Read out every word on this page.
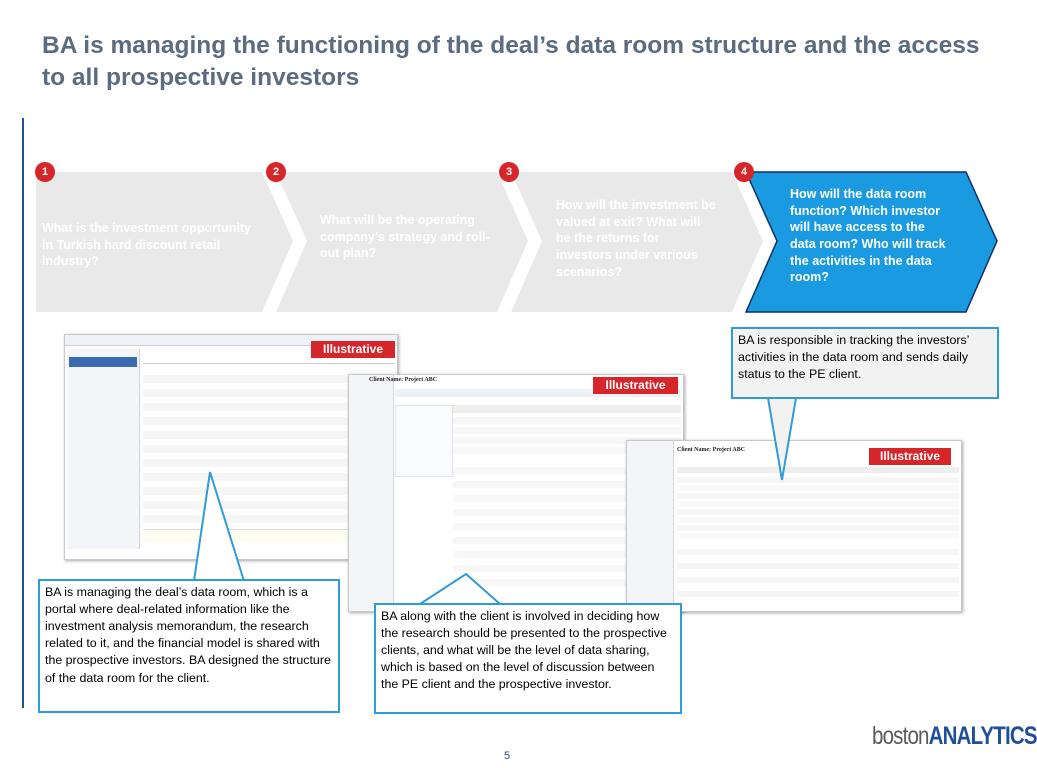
BA is managing the functioning of the deal’s data room structure and the access to all prospective investors
1	2	3	4
What is the investment opportunity in Turkish hard discount retail industry?
What will be the operating company’s strategy and roll-out plan?
How will the investment be valued at exit? What will be the returns for investors under various scenarios?
How will the data room function? Which investor will have access to the data room? Who will track the activities in the data room?
Illustrative
Client Name: Project ABC	Illustrative
Client Name: Project ABC	Illustrative
BA is responsible in tracking the investors’ activities in the data room and sends daily status to the PE client.
BA is managing the deal’s data room, which is a portal where deal-related information like the investment analysis memorandum, the research related to it, and the financial model is shared with the prospective investors. BA designed the structure of the data room for the client.
BA along with the client is involved in deciding how the research should be presented to the prospective clients, and what will be the level of data sharing, which is based on the level of discussion between the PE client and the prospective investor.
5
bostonANALYTICS
